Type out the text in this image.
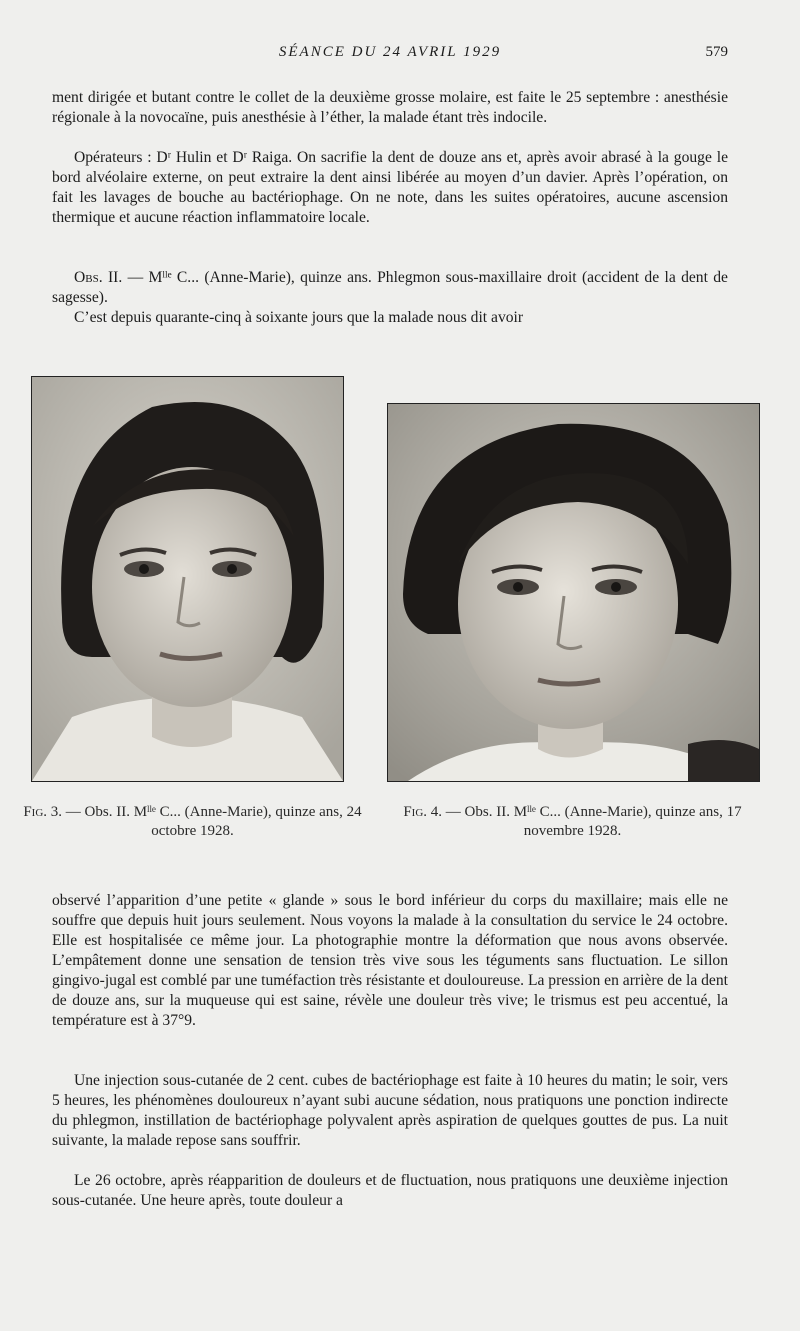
SÉANCE DU 24 AVRIL 1929	579

ment dirigée et butant contre le collet de la deuxième grosse molaire, est faite le 25 septembre : anesthésie régionale à la novocaïne, puis anesthésie à l’éther, la malade étant très indocile.

Opérateurs : Dʳ Hulin et Dʳ Raiga. On sacrifie la dent de douze ans et, après avoir abrasé à la gouge le bord alvéolaire externe, on peut extraire la dent ainsi libérée au moyen d’un davier. Après l’opération, on fait les lavages de bouche au bactériophage. On ne note, dans les suites opératoires, aucune ascension thermique et aucune réaction inflammatoire locale.

Obs. II. — Mˡˡᵉ C... (Anne-Marie), quinze ans. Phlegmon sous-maxillaire droit (accident de la dent de sagesse).

C’est depuis quarante-cinq à soixante jours que la malade nous dit avoir

Fig. 3. — Obs. II. Mˡˡᵉ C... (Anne-Marie), quinze ans, 24 octobre 1928.

Fig. 4. — Obs. II. Mˡˡᵉ C... (Anne-Marie), quinze ans, 17 novembre 1928.

observé l’apparition d’une petite « glande » sous le bord inférieur du corps du maxillaire; mais elle ne souffre que depuis huit jours seulement. Nous voyons la malade à la consultation du service le 24 octobre. Elle est hospitalisée ce même jour. La photographie montre la déformation que nous avons observée. L’empâtement donne une sensation de tension très vive sous les téguments sans fluctuation. Le sillon gingivo-jugal est comblé par une tuméfaction très résistante et douloureuse. La pression en arrière de la dent de douze ans, sur la muqueuse qui est saine, révèle une douleur très vive; le trismus est peu accentué, la température est à 37°9.

Une injection sous-cutanée de 2 cent. cubes de bactériophage est faite à 10 heures du matin; le soir, vers 5 heures, les phénomènes douloureux n’ayant subi aucune sédation, nous pratiquons une ponction indirecte du phlegmon, instillation de bactériophage polyvalent après aspiration de quelques gouttes de pus. La nuit suivante, la malade repose sans souffrir.

Le 26 octobre, après réapparition de douleurs et de fluctuation, nous pratiquons une deuxième injection sous-cutanée. Une heure après, toute douleur a
